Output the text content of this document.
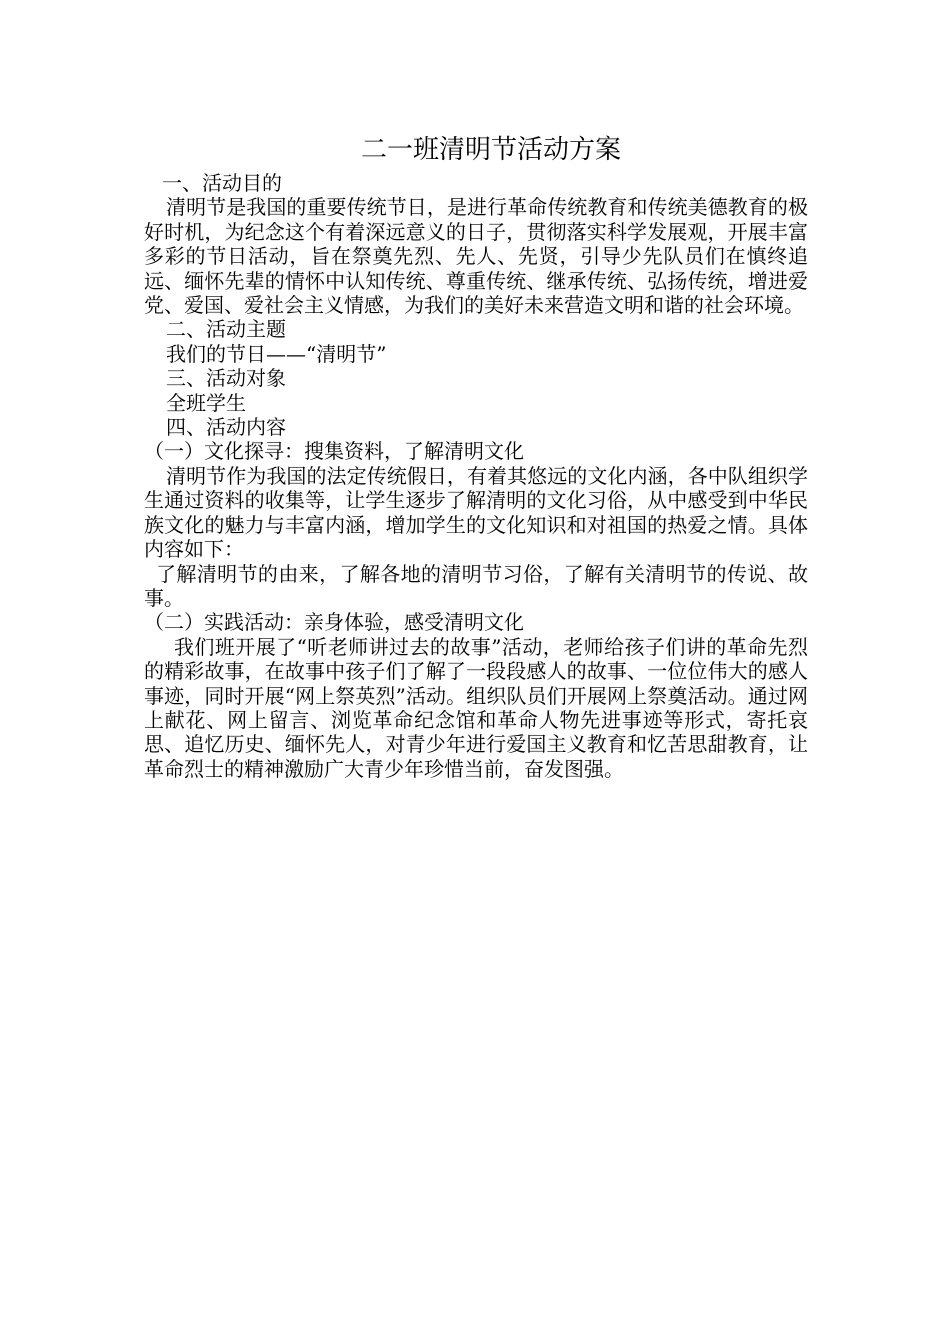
二一班清明节活动方案

一、活动目的

清明节是我国的重要传统节日，是进行革命传统教育和传统美德教育的极好时机，为纪念这个有着深远意义的日子，贯彻落实科学发展观，开展丰富多彩的节日活动，旨在祭奠先烈、先人、先贤，引导少先队员们在慎终追远、缅怀先辈的情怀中认知传统、尊重传统、继承传统、弘扬传统，增进爱党、爱国、爱社会主义情感，为我们的美好未来营造文明和谐的社会环境。

二、活动主题

我们的节日——“清明节”

三、活动对象

全班学生

四、活动内容

（一）文化探寻：搜集资料，了解清明文化

清明节作为我国的法定传统假日，有着其悠远的文化内涵，各中队组织学生通过资料的收集等，让学生逐步了解清明的文化习俗，从中感受到中华民族文化的魅力与丰富内涵，增加学生的文化知识和对祖国的热爱之情。具体内容如下：

了解清明节的由来，了解各地的清明节习俗，了解有关清明节的传说、故事。

（二）实践活动：亲身体验，感受清明文化

我们班开展了“听老师讲过去的故事”活动，老师给孩子们讲的革命先烈的精彩故事，在故事中孩子们了解了一段段感人的故事、一位位伟大的感人事迹，同时开展“网上祭英烈”活动。组织队员们开展网上祭奠活动。通过网上献花、网上留言、浏览革命纪念馆和革命人物先进事迹等形式，寄托哀思、追忆历史、缅怀先人，对青少年进行爱国主义教育和忆苦思甜教育，让革命烈士的精神激励广大青少年珍惜当前，奋发图强。
